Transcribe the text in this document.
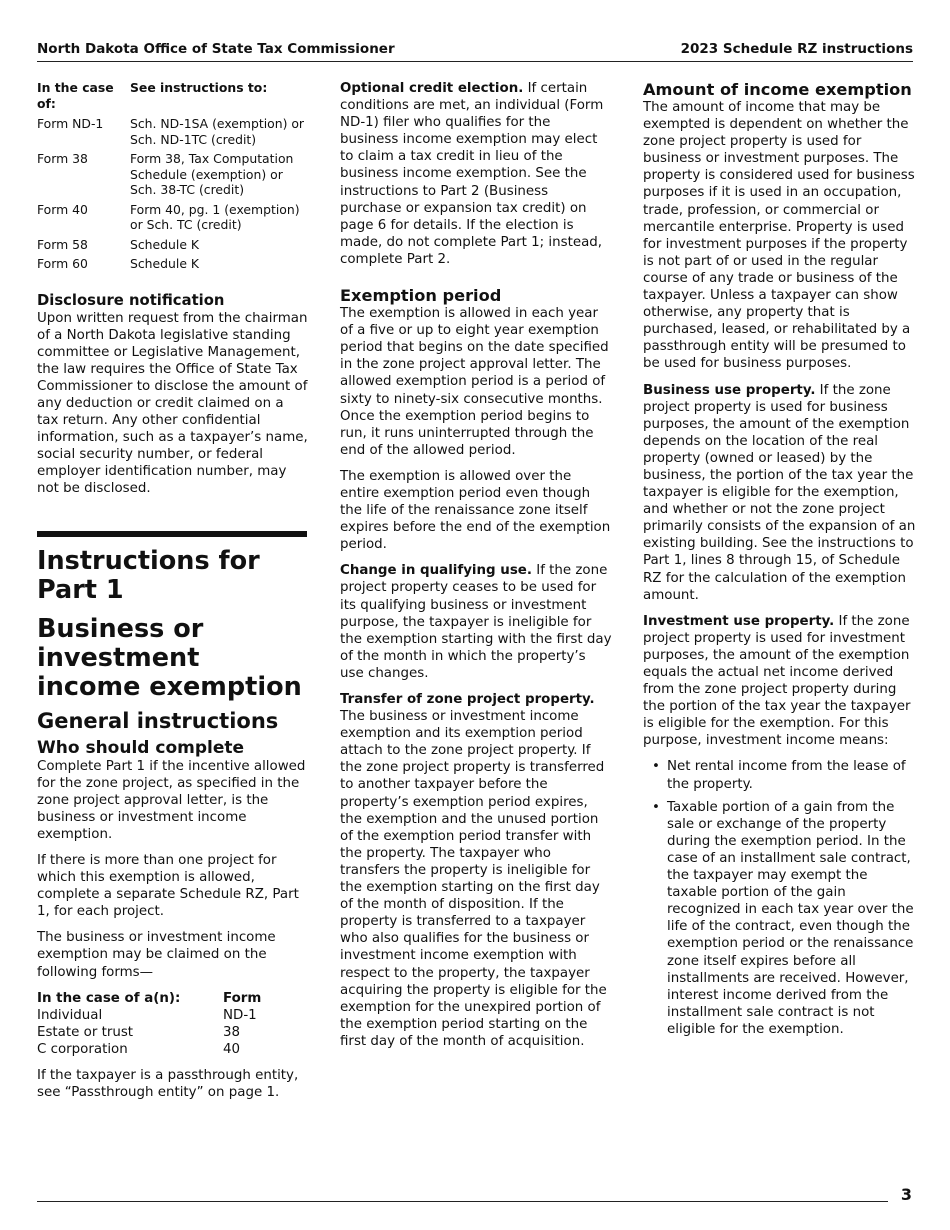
North Dakota Office of State Tax Commissioner	2023 Schedule RZ instructions
In the case of:	See instructions to:
Form ND-1	Sch. ND-1SA (exemption) or Sch. ND-1TC (credit)
Form 38	Form 38, Tax Computation Schedule (exemption) or Sch. 38-TC (credit)
Form 40	Form 40, pg. 1 (exemption) or Sch. TC (credit)
Form 58	Schedule K
Form 60	Schedule K
Disclosure notification

Upon written request from the chairman of a North Dakota legislative standing committee or Legislative Management, the law requires the Office of State Tax Commissioner to disclose the amount of any deduction or credit claimed on a tax return. Any other confidential information, such as a taxpayer’s name, social security number, or federal employer identification number, may not be disclosed.

Instructions for Part 1
Business or investment income exemption
General instructions
Who should complete

Complete Part 1 if the incentive allowed for the zone project, as specified in the zone project approval letter, is the business or investment income exemption.

If there is more than one project for which this exemption is allowed, complete a separate Schedule RZ, Part 1, for each project.

The business or investment income exemption may be claimed on the following forms—

In the case of a(n):	Form
Individual	ND-1
Estate or trust	38
C corporation	40

If the taxpayer is a passthrough entity, see “Passthrough entity” on page 1.

Optional credit election. If certain conditions are met, an individual (Form ND-1) filer who qualifies for the business income exemption may elect to claim a tax credit in lieu of the business income exemption. See the instructions to Part 2 (Business purchase or expansion tax credit) on page 6 for details. If the election is made, do not complete Part 1; instead, complete Part 2.

Exemption period

The exemption is allowed in each year of a five or up to eight year exemption period that begins on the date specified in the zone project approval letter. The allowed exemption period is a period of sixty to ninety-six consecutive months. Once the exemption period begins to run, it runs uninterrupted through the end of the allowed period.

The exemption is allowed over the entire exemption period even though the life of the renaissance zone itself expires before the end of the exemption period.

Change in qualifying use. If the zone project property ceases to be used for its qualifying business or investment purpose, the taxpayer is ineligible for the exemption starting with the first day of the month in which the property’s use changes.

Transfer of zone project property. The business or investment income exemption and its exemption period attach to the zone project property. If the zone project property is transferred to another taxpayer before the property’s exemption period expires, the exemption and the unused portion of the exemption period transfer with the property. The taxpayer who transfers the property is ineligible for the exemption starting on the first day of the month of disposition. If the property is transferred to a taxpayer who also qualifies for the business or investment income exemption with respect to the property, the taxpayer acquiring the property is eligible for the exemption for the unexpired portion of the exemption period starting on the first day of the month of acquisition.

Amount of income exemption

The amount of income that may be exempted is dependent on whether the zone project property is used for business or investment purposes. The property is considered used for business purposes if it is used in an occupation, trade, profession, or commercial or mercantile enterprise. Property is used for investment purposes if the property is not part of or used in the regular course of any trade or business of the taxpayer. Unless a taxpayer can show otherwise, any property that is purchased, leased, or rehabilitated by a passthrough entity will be presumed to be used for business purposes.

Business use property. If the zone project property is used for business purposes, the amount of the exemption depends on the location of the real property (owned or leased) by the business, the portion of the tax year the taxpayer is eligible for the exemption, and whether or not the zone project primarily consists of the expansion of an existing building. See the instructions to Part 1, lines 8 through 15, of Schedule RZ for the calculation of the exemption amount.

Investment use property. If the zone project property is used for investment purposes, the amount of the exemption equals the actual net income derived from the zone project property during the portion of the tax year the taxpayer is eligible for the exemption. For this purpose, investment income means:

• Net rental income from the lease of the property.
• Taxable portion of a gain from the sale or exchange of the property during the exemption period. In the case of an installment sale contract, the taxpayer may exempt the taxable portion of the gain recognized in each tax year over the life of the contract, even though the exemption period or the renaissance zone itself expires before all installments are received. However, interest income derived from the installment sale contract is not eligible for the exemption.
3
